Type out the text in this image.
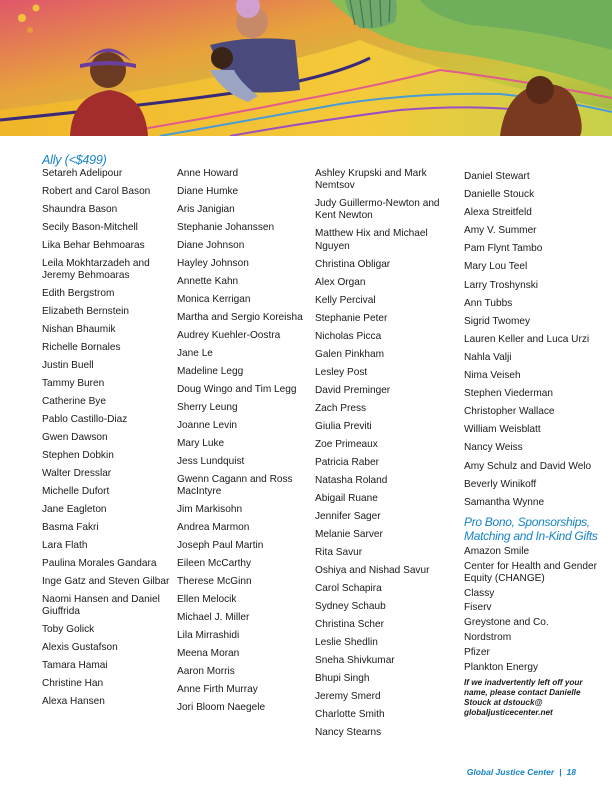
Ally (<$499)
Setareh Adelipour
Robert and Carol Bason
Shaundra Bason
Secily Bason-Mitchell
Lika Behar Behmoaras
Leila Mokhtarzadeh and Jeremy Behmoaras
Edith Bergstrom
Elizabeth Bernstein
Nishan Bhaumik
Richelle Bornales
Justin Buell
Tammy Buren
Catherine Bye
Pablo Castillo-Diaz
Gwen Dawson
Stephen Dobkin
Walter Dresslar
Michelle Dufort
Jane Eagleton
Basma Fakri
Lara Flath
Paulina Morales Gandara
Inge Gatz and Steven Gilbar
Naomi Hansen and Daniel Giuffrida
Toby Golick
Alexis Gustafson
Tamara Hamai
Christine Han
Alexa Hansen
Anne Howard
Diane Humke
Aris Janigian
Stephanie Johanssen
Diane Johnson
Hayley Johnson
Annette Kahn
Monica Kerrigan
Martha and Sergio Koreisha
Audrey Kuehler-Oostra
Jane Le
Madeline Legg
Doug Wingo and Tim Legg
Sherry Leung
Joanne Levin
Mary Luke
Jess Lundquist
Gwenn Cagann and Ross MacIntyre
Jim Markisohn
Andrea Marmon
Joseph Paul Martin
Eileen McCarthy
Therese McGinn
Ellen Melocik
Michael J. Miller
Lila Mirrashidi
Meena Moran
Aaron Morris
Anne Firth Murray
Jori Bloom Naegele
Ashley Krupski and Mark Nemtsov
Judy Guillermo-Newton and Kent Newton
Matthew Hix and Michael Nguyen
Christina Obligar
Alex Organ
Kelly Percival
Stephanie Peter
Nicholas Picca
Galen Pinkham
Lesley Post
David Preminger
Zach Press
Giulia Previti
Zoe Primeaux
Patricia Raber
Natasha Roland
Abigail Ruane
Jennifer Sager
Melanie Sarver
Rita Savur
Oshiya and Nishad Savur
Carol Schapira
Sydney Schaub
Christina Scher
Leslie Shedlin
Sneha Shivkumar
Bhupi Singh
Jeremy Smerd
Charlotte Smith
Nancy Stearns
Daniel Stewart
Danielle Stouck
Alexa Streitfeld
Amy V. Summer
Pam Flynt Tambo
Mary Lou Teel
Larry Troshynski
Ann Tubbs
Sigrid Twomey
Lauren Keller and Luca Urzi
Nahla Valji
Nima Veiseh
Stephen Viederman
Christopher Wallace
William Weisblatt
Nancy Weiss
Amy Schulz and David Welo
Beverly Winikoff
Samantha Wynne
Pro Bono, Sponsorships, Matching and In-Kind Gifts
Amazon Smile
Center for Health and Gender Equity (CHANGE)
Classy
Fiserv
Greystone and Co.
Nordstrom
Pfizer
Plankton Energy
If we inadvertently left off your name, please contact Danielle Stouck at dstouck@ globaljusticecenter.net
Global Justice Center | 18
